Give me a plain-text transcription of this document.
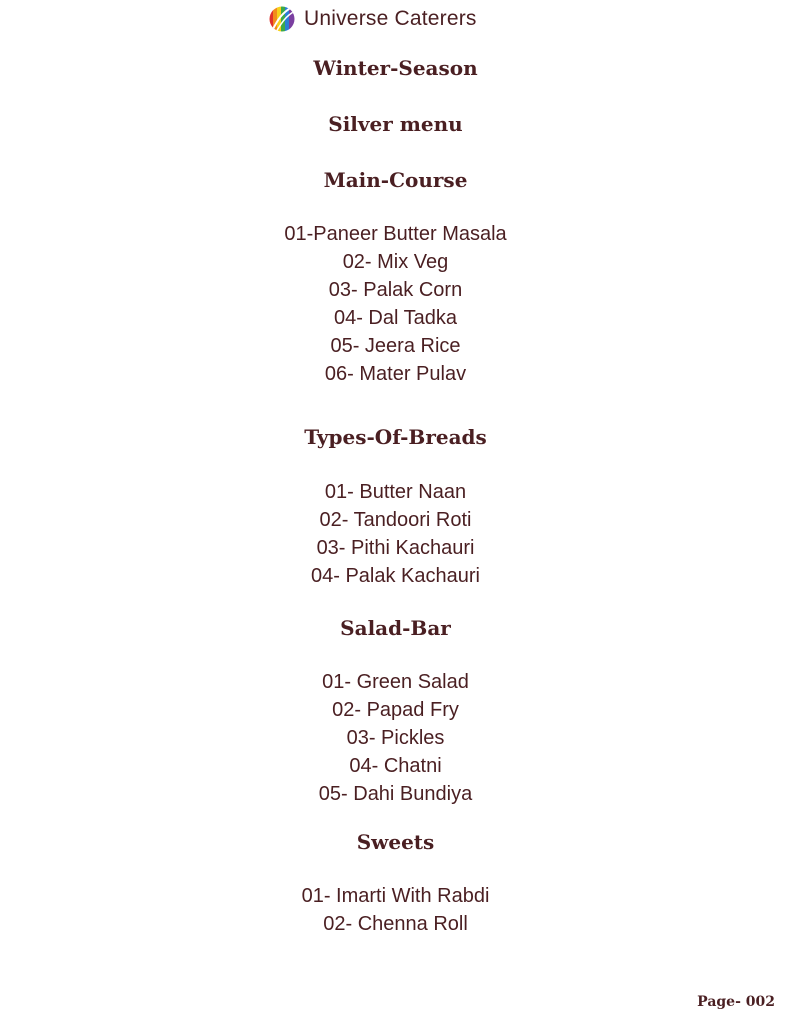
Universe Caterers
Winter-Season
Silver menu
Main-Course
01-Paneer Butter Masala
02- Mix Veg
03- Palak Corn
04- Dal Tadka
05- Jeera Rice
06- Mater Pulav
Types-Of-Breads
01- Butter Naan
02- Tandoori Roti
03- Pithi Kachauri
04- Palak Kachauri
Salad-Bar
01- Green Salad
02- Papad Fry
03- Pickles
04- Chatni
05- Dahi Bundiya
Sweets
01- Imarti With Rabdi
02- Chenna Roll
Page- 002
